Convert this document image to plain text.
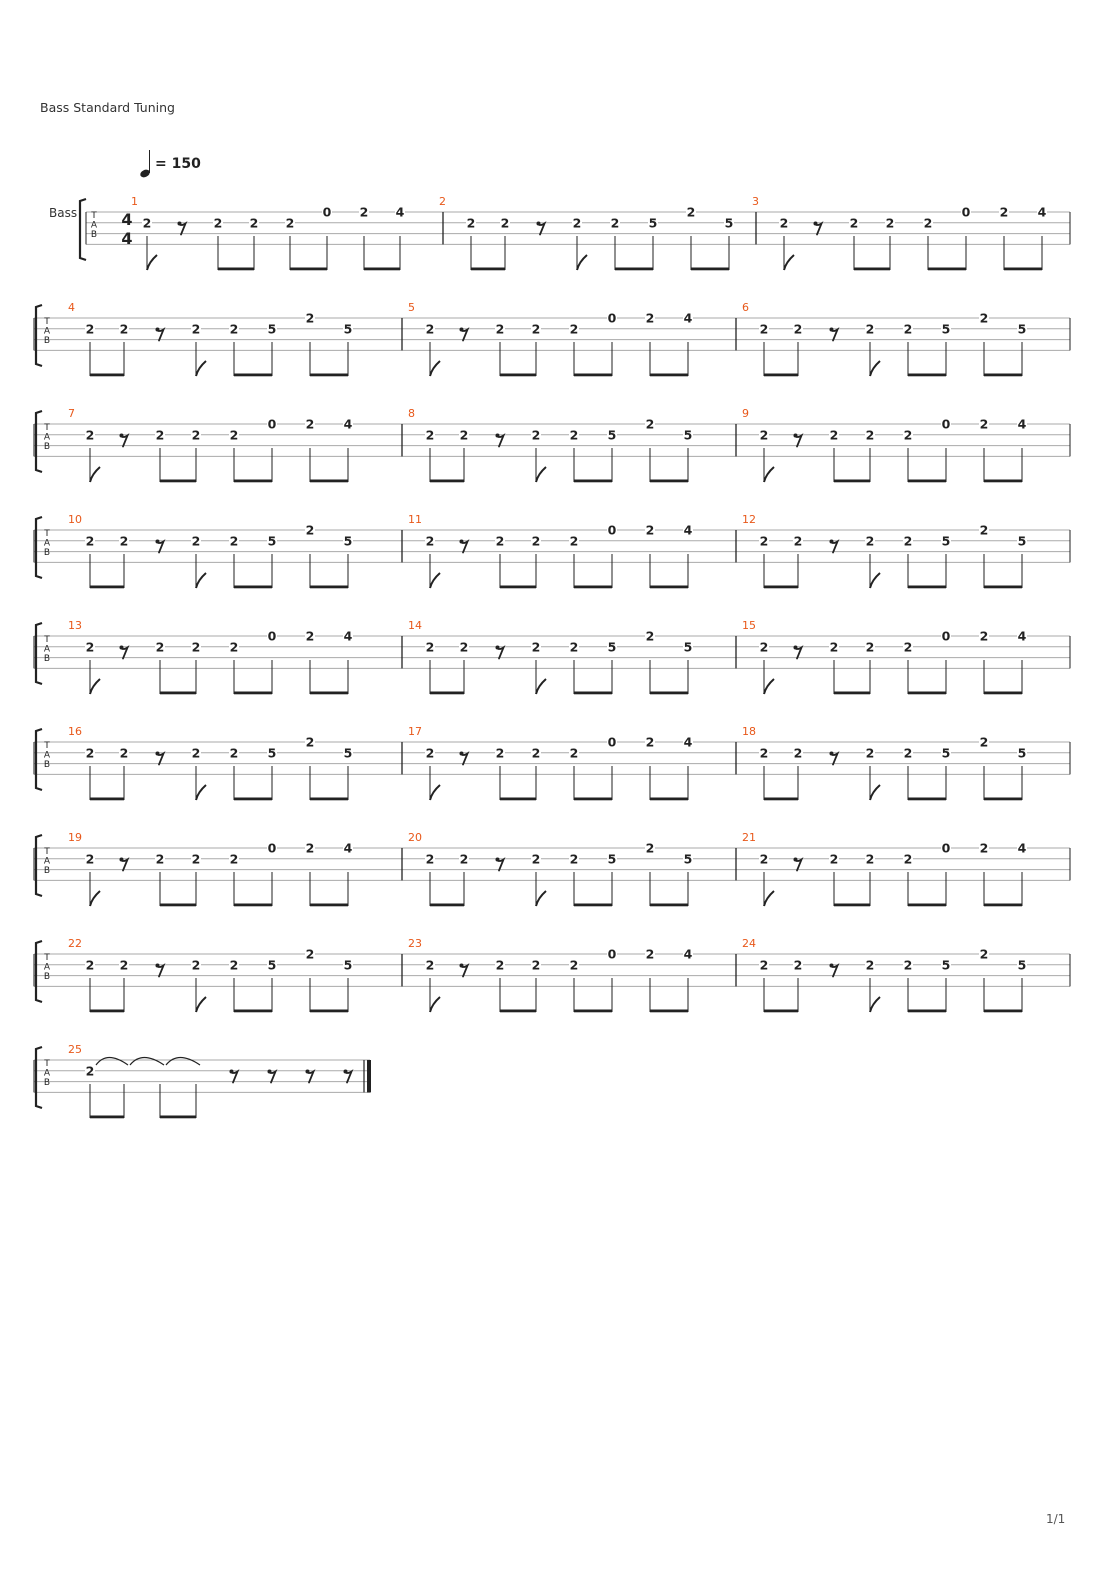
Bass Standard Tuning
= 150
T
A
B
Bass	4
4
1
2	2 2 2
0 2 4
2
2 2	2 2 5
2
5
3
2	2 2 2
0 2 4
T
A
B
4
2 2	2 2 5
2
5
5
2	2 2 2
0 2 4
6
2 2	2 2 5
2
5
T
A
B
7
2	2 2 2
0 2 4
8
2 2	2 2 5
2
5
9
2	2 2 2
0 2 4
T
A
B
10
2 2	2 2 5
2
5
11
2	2 2 2
0 2 4
12
2 2	2 2 5
2
5
T
A
B
13
2	2 2 2
0 2 4
14
2 2	2 2 5
2
5
15
2	2 2 2
0 2 4
T
A
B
16
2 2	2 2 5
2
5
17
2	2 2 2
0 2 4
18
2 2	2 2 5
2
5
T
A
B
19
2	2 2 2
0 2 4
20
2 2	2 2 5
2
5
21
2	2 2 2
0 2 4
T
A
B
22
2 2	2 2 5
2
5
23
2	2 2 2
0 2 4
24
2 2	2 2 5
2
5
T
A
B
25
2
1/1
